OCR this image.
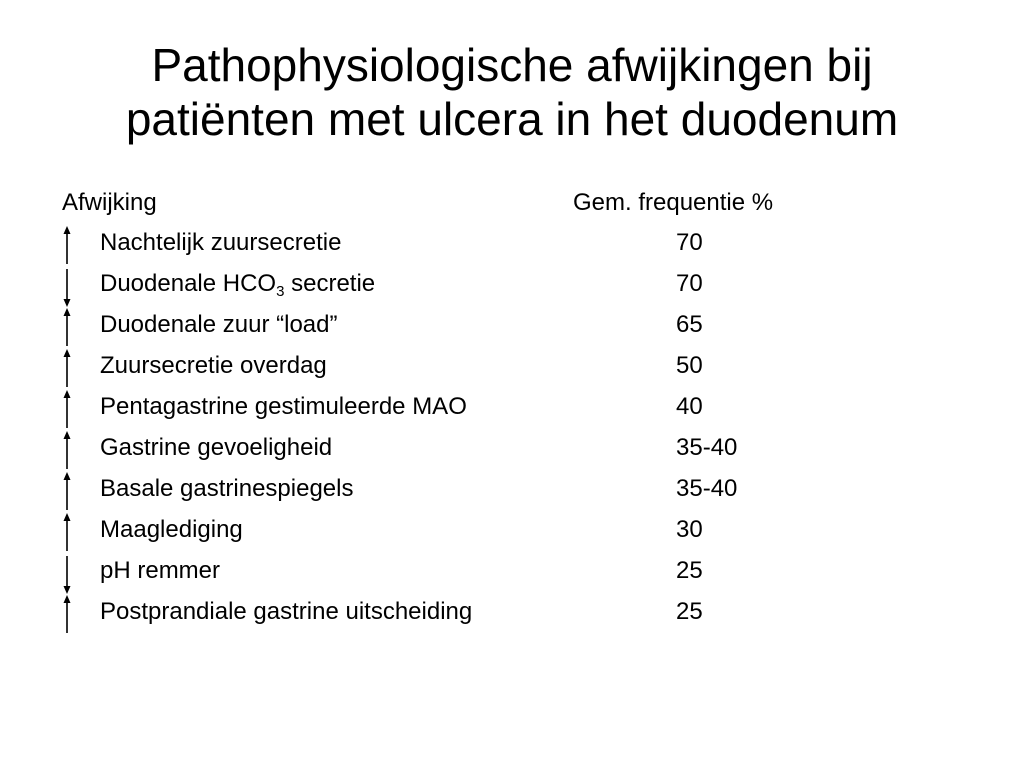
Pathophysiologische afwijkingen bij
patiënten met ulcera in het duodenum
Afwijking	Gem. frequentie %
Nachtelijk zuursecretie	70
Duodenale $HCO_3$ secretie	70
Duodenale zuur “load”	65
Zuursecretie overdag	50
Pentagastrine gestimuleerde MAO	40
Gastrine gevoeligheid	35-40
Basale gastrinespiegels	35-40
Maaglediging	30
pH remmer	25
Postprandiale gastrine uitscheiding	25
